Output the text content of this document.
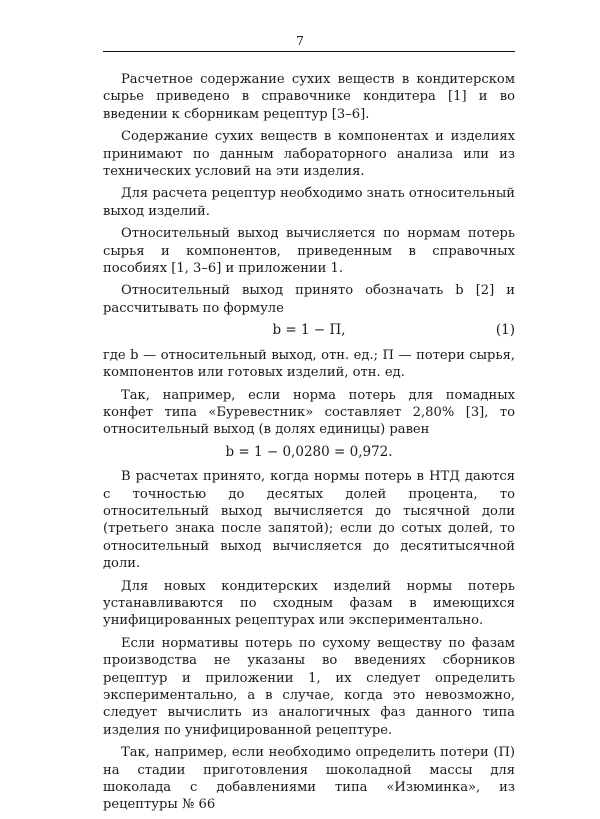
7

Расчетное содержание сухих веществ в кондитерском сырье приведено в справочнике кондитера [1] и во введении к сборникам рецептур [3–6].

Содержание сухих веществ в компонентах и изделиях принимают по данным лабораторного анализа или из технических условий на эти изделия.

Для расчета рецептур необходимо знать относительный выход изделий.

Относительный выход вычисляется по нормам потерь сырья и компонентов, приведенным в справочных пособиях [1, 3–6] и приложении 1.

Относительный выход принято обозначать b [2] и рассчитывать по формуле

b = 1 − П,	(1)

где b — относительный выход, отн. ед.; П — потери сырья, компонентов или готовых изделий, отн. ед.

Так, например, если норма потерь для помадных конфет типа «Буревестник» составляет 2,80% [3], то относительный выход (в долях единицы) равен

b = 1 − 0,0280 = 0,972.

В расчетах принято, когда нормы потерь в НТД даются с точностью до десятых долей процента, то относительный выход вычисляется до тысячной доли (третьего знака после запятой); если до сотых долей, то относительный выход вычисляется до десятитысячной доли.

Для новых кондитерских изделий нормы потерь устанавливаются по сходным фазам в имеющихся унифицированных рецептурах или экспериментально.

Если нормативы потерь по сухому веществу по фазам производства не указаны во введениях сборников рецептур и приложении 1, их следует определить экспериментально, а в случае, когда это невозможно, следует вычислить из аналогичных фаз данного типа изделия по унифицированной рецептуре.

Так, например, если необходимо определить потери (П) на стадии приготовления шоколадной массы для шоколада с добавлениями типа «Изюминка», из рецептуры № 66
